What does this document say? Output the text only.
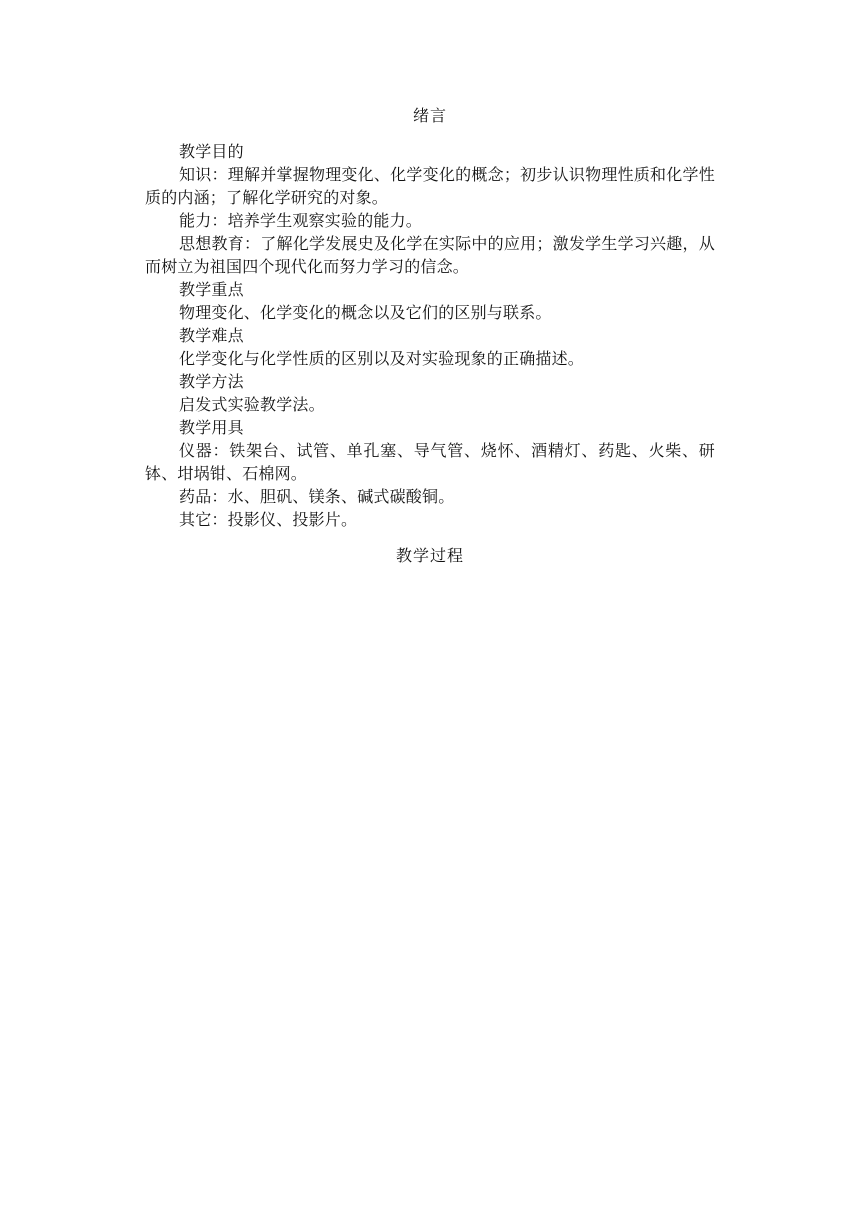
绪言

教学目的

知识：理解并掌握物理变化、化学变化的概念；初步认识物理性质和化学性质的内涵；了解化学研究的对象。

能力：培养学生观察实验的能力。

思想教育：了解化学发展史及化学在实际中的应用；激发学生学习兴趣，从而树立为祖国四个现代化而努力学习的信念。

教学重点

物理变化、化学变化的概念以及它们的区别与联系。

教学难点

化学变化与化学性质的区别以及对实验现象的正确描述。

教学方法

启发式实验教学法。

教学用具

仪器：铁架台、试管、单孔塞、导气管、烧怀、酒精灯、药匙、火柴、研钵、坩埚钳、石棉网。

药品：水、胆矾、镁条、碱式碳酸铜。

其它：投影仪、投影片。

教学过程
